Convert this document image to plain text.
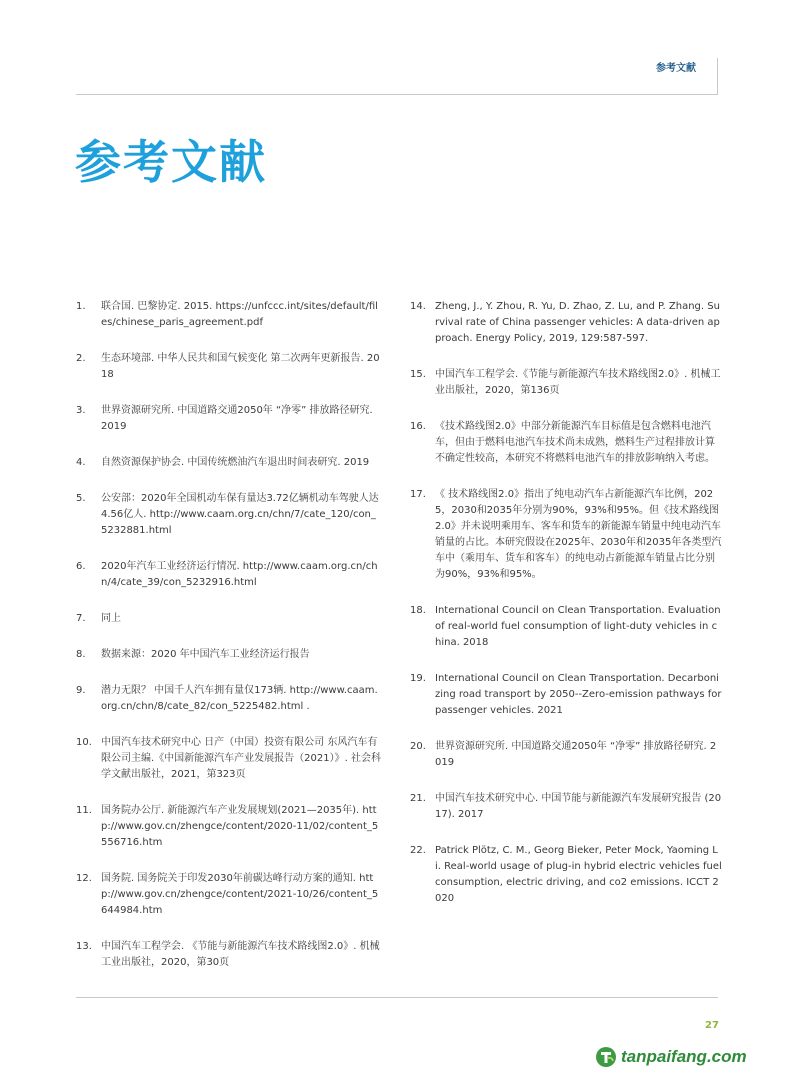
参考文献
参考文献
1.	联合国. 巴黎协定. 2015. https://unfccc.int/sites/default/files/chinese_paris_agreement.pdf
2.	生态环境部. 中华人民共和国气候变化 第二次两年更新报告. 2018
3.	世界资源研究所. 中国道路交通2050年 “净零” 排放路径研究. 2019
4.	自然资源保护协会. 中国传统燃油汽车退出时间表研究. 2019
5.	公安部：2020年全国机动车保有量达3.72亿辆机动车驾驶人达4.56亿人. http://www.caam.org.cn/chn/7/cate_120/con_5232881.html
6.	2020年汽车工业经济运行情况. http://www.caam.org.cn/chn/4/cate_39/con_5232916.html
7.	同上
8.	数据来源：2020 年中国汽车工业经济运行报告
9.	潜力无限？ 中国千人汽车拥有量仅173辆. http://www.caam.org.cn/chn/8/cate_82/con_5225482.html .
10. 中国汽车技术研究中心 日产（中国）投资有限公司 东风汽车有限公司主编.《中国新能源汽车产业发展报告（2021）》. 社会科学文献出版社，2021，第323页
11. 国务院办公厅. 新能源汽车产业发展规划(2021—2035年). http://www.gov.cn/zhengce/content/2020-11/02/content_5556716.htm
12. 国务院. 国务院关于印发2030年前碳达峰行动方案的通知. http://www.gov.cn/zhengce/content/2021-10/26/content_5644984.htm
13. 中国汽车工程学会. 《节能与新能源汽车技术路线图2.0》. 机械工业出版社，2020，第30页
14. Zheng, J., Y. Zhou, R. Yu, D. Zhao, Z. Lu, and P. Zhang. Survival rate of China passenger vehicles: A data-driven approach. Energy Policy, 2019, 129:587-597.
15. 中国汽车工程学会.《节能与新能源汽车技术路线图2.0》. 机械工业出版社，2020，第136页
16. 《技术路线图2.0》中部分新能源汽车目标值是包含燃料电池汽车，但由于燃料电池汽车技术尚未成熟，燃料生产过程排放计算不确定性较高，本研究不将燃料电池汽车的排放影响纳入考虑。
17. 《 技术路线图2.0》指出了纯电动汽车占新能源汽车比例，2025，2030和2035年分别为90%，93%和95%。但《技术路线图2.0》并未说明乘用车、客车和货车的新能源车销量中纯电动汽车销量的占比。本研究假设在2025年、2030年和2035年各类型汽车中（乘用车、货车和客车）的纯电动占新能源车销量占比分别为90%，93%和95%。
18. International Council on Clean Transportation. Evaluation of real-world fuel consumption of light-duty vehicles in china. 2018
19. International Council on Clean Transportation. Decarbonizing road transport by 2050--Zero-emission pathways for passenger vehicles. 2021
20. 世界资源研究所. 中国道路交通2050年 “净零” 排放路径研究. 2019
21. 中国汽车技术研究中心. 中国节能与新能源汽车发展研究报告 (2017). 2017
22. Patrick Plötz, C. M., Georg Bieker, Peter Mock, Yaoming Li. Real-world usage of plug-in hybrid electric vehicles fuel consumption, electric driving, and co2 emissions. ICCT 2020
27
tanpaifang.com
